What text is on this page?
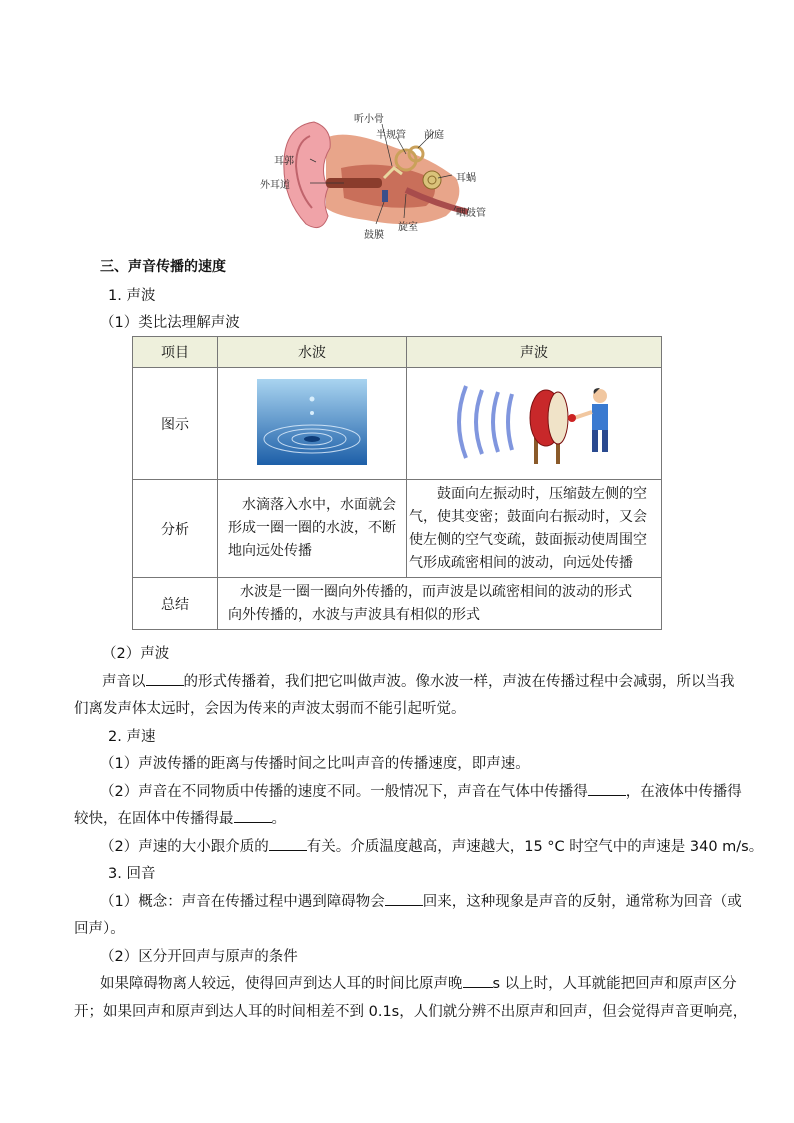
听小骨
半规管 前庭
耳郭
外耳道
耳蜗
咽鼓管
鼓膜
旋室
三、声音传播的速度
1. 声波
（1）类比法理解声波
项目	水波	声波
图示		
分析	水滴落入水中，水面就会形成一圈一圈的水波，不断地向远处传播	鼓面向左振动时，压缩鼓左侧的空气，使其变密；鼓面向右振动时，又会使左侧的空气变疏，鼓面振动使周围空气形成疏密相间的波动，向远处传播

总结	水波是一圈一圈向外传播的，而声波是以疏密相间的波动的形式
向外传播的，水波与声波具有相似的形式	
（2）声波
声音以	的形式传播着，我们把它叫做声波。像水波一样，声波在传播过程中会减弱，所以当我
们离发声体太远时，会因为传来的声波太弱而不能引起听觉。
2. 声速
（1）声波传播的距离与传播时间之比叫声音的传播速度，即声速。
（2）声音在不同物质中传播的速度不同。一般情况下，声音在气体中传播得	，在液体中传播得
较快，在固体中传播得最	。
（2）声速的大小跟介质的	有关。介质温度越高，声速越大，15 °C 时空气中的声速是 340 m/s。
3. 回音
（1）概念：声音在传播过程中遇到障碍物会	回来，这种现象是声音的反射，通常称为回音（或
回声）。
（2）区分开回声与原声的条件
如果障碍物离人较远，使得回声到达人耳的时间比原声晚 s 以上时，人耳就能把回声和原声区分
开；如果回声和原声到达人耳的时间相差不到 0.1s，人们就分辨不出原声和回声，但会觉得声音更响亮，
